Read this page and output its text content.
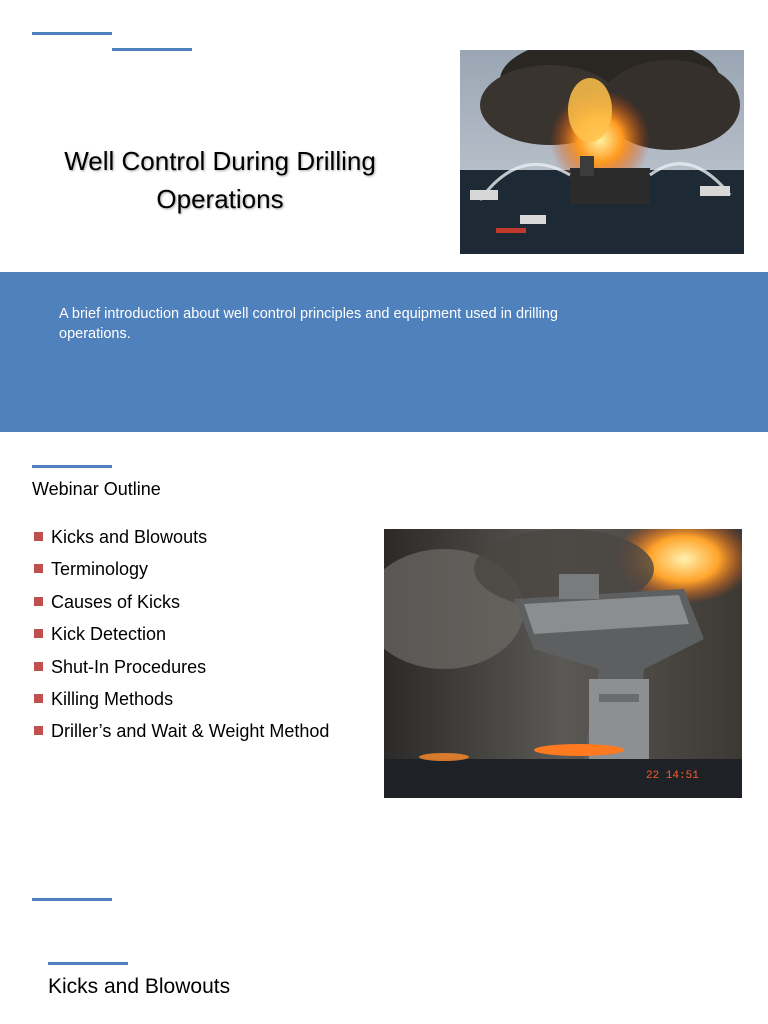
Well Control During Drilling
Operations
A brief introduction about well control principles and equipment used in drilling operations.
Webinar Outline
Kicks and Blowouts
Terminology
Causes of Kicks
Kick Detection
Shut-In Procedures
Killing Methods
Driller’s and Wait & Weight Method
22 14:51
Kicks and Blowouts
